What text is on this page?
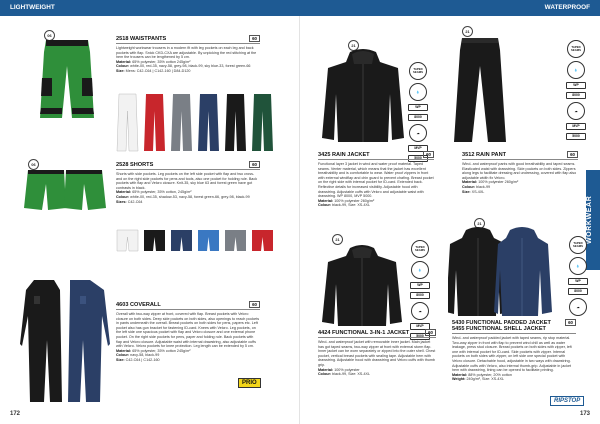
LIGHTWEIGHT	WATERPROOF
06	2518 WAISTPANTS	60
Lightweight workwear trousers in a modern fit with leg pockets on each leg and back pockets with flap. Snick CKD-CXA are adjustable. By unpicking the red stitching at the hem the trousers can be lengthened by 5 cm.
Material: 65% polyester, 35% cotton 245g/m²
Colour: white-00, red-35, navy-58, grey-98, black-99, sky blue-33, forest green-66
Size: Mens: C42-C64 | C142-160 | D84-D120
06	2528 SHORTS	60
Shorts with side pockets. Leg pockets on the left side pocket with flap and two cross-and on the right side pockets for pens and tools, also one pocket for holding rule. Back pockets with flap and Velcro closure. Knit-35, sky blue 63 and forest green have got contrasts in black.
Material: 65% polyester, 35% cotton, 245g/m²
Colour: white-00, red-35, shadow-53, navy-58, forest green-66, grey-98, black-99
Sizes: C42-C64
4603 COVERALL	60
Overall with two-way zipper at front, covered with flap. Breast pockets with Velcro closure on both sides. Deep side pockets on both sides, also openings to reach pockets in pants underneath the overall. Breast pockets on both sides for pens, papers etc. Left pocket also has gun bracket for fastening ID-card. Knees with Velcro. Leg pockets, on the left side one spacious pocket with flap and Velcro closure and one external phone pocket. On the right side pockets for pens, paper and folding rule. Back pockets with flap and Velcro closure. Adjustable waist with internal drawstring, also adjustable cuffs with Velcro. Velcro pockets for knee protection. Leg length can be extended by 5 cm.
Material: 65% polyester, 35% cotton 245g/m²
Colour: navy-58, black-99
Size: C42-C64 | C142-160
PRIO
172
21
TAPED SEAMS
💧
WP
8000
☁
MVP
5000
3425 RAIN JACKET	60
Functional layer 3 jacket in wind and water proof material. Taped seams. Venter material, which means that the jacket has excellent breathability and is comfortable to wear. Water proof zippers in front with external windflap and chin guard to prevent chafing. Breast pocket on the right side with internal pocket for ID-card. Extended back. Reflective details for increased visibility. Adjustable hood with drawstring. Adjustable cuffs with Velcro and adjustable waist with drawstring. WP 8000, MVP 5000.
Material: 100% polyester 260g/m²
Colour: black-99, Size: XS-4XL
21
TAPED SEAMS
💧
WP
8000
☁
MVP
5000
3512 RAIN PANT	60
Wind- and waterproof pants with good breathability and taped seams. Elasticated waist with drawstring. Side pockets on both sides. Zippers along legs to facilitate dressing and undressing, covered with flap also adjustable width fix Velcro.
Material: 100% polyester 260g/m²
Colour: black-99
Size: XS-4XL
WORKWEAR
21
TAPED SEAMS
💧
WP
8000
☁
MVP
5000
4424 FUNCTIONAL 3-IN-1 JACKET	60
Wind- and waterproof jacket with removable inner jacket. Main jacket has got taped seams, two-way zipper at front with external storm flap. Inner jacket can be worn separately or zipped into the outer shell. Chest pocket, vertical breast pockets with sealing tape. Adjustable hem with drawstring. Adjustable hood with drawstring and Velcro cuffs with thumb grip.
Material: 100% polyester
Colour: black-99, Size: XS-4XL
21
TAPED SEAMS
💧
WP
8000
☁
5430 FUNCTIONAL PADDED JACKET
5455 FUNCTIONAL SHELL JACKET
60
Wind- and waterproof padded jacket with taped seams, rip stop material. Two-way zipper in front with flap to prevent wind chill as well as water leakage, press stud closure. Breast pockets on both sides with zipper, left one with internal pocket for ID-card. Side pockets with zipper. Internal pockets on both sides with zipper, on left side one special pocket with Velcro closure. Detachable hood, adjustable in two ways with drawstring. Adjustable cuffs with Velcro, also internal thumb-grip. Adjustable in jacket hem with drawstring, lining can be opened to facilitate printing.
Material: 88% polyester, 20% cotton
Weight: 240g/m², Size: XS-4XL
RIPSTOP
173
